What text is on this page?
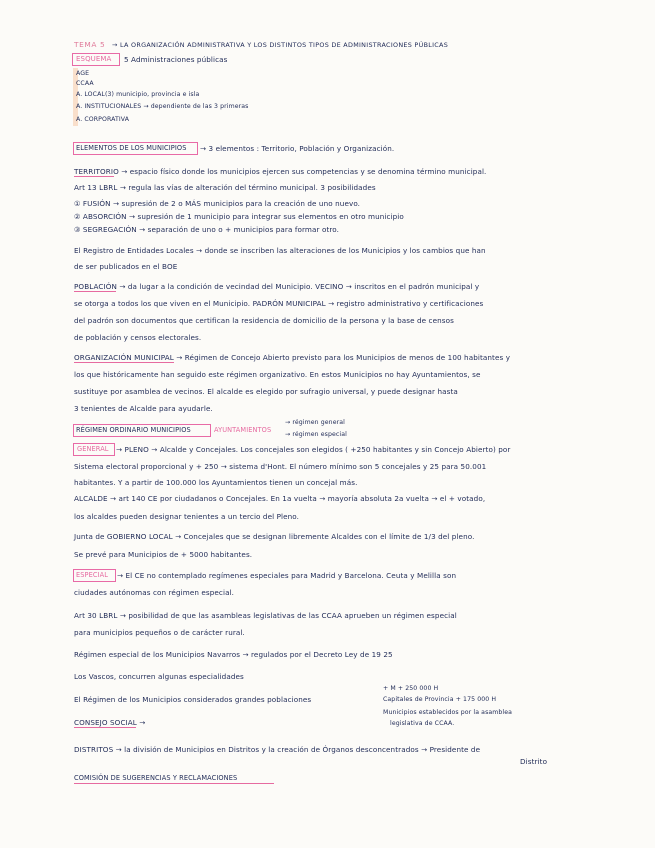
TEMA 5 → LA ORGANIZACIÓN ADMINISTRATIVA Y LOS DISTINTOS TIPOS DE ADMINISTRACIONES PÚBLICAS
ESQUEMA 5 Administraciones públicas
AGE
CCAA
A. LOCAL(3) municipio, provincia e isla
A. INSTITUCIONALES → dependiente de las 3 primeras
A. CORPORATIVA
ELEMENTOS DE LOS MUNICIPIOS → 3 elementos : Territorio, Población y Organización.
TERRITORIO → espacio físico donde los municipios ejercen sus competencias y se denomina término municipal.
Art 13 LBRL → regula las vías de alteración del término municipal. 3 posibilidades
① FUSIÓN → supresión de 2 o MÁS municipios para la creación de uno nuevo.
② ABSORCIÓN → supresión de 1 municipio para integrar sus elementos en otro municipio
③ SEGREGACIÓN → separación de uno o + municipios para formar otro.
El Registro de Entidades Locales → donde se inscriben las alteraciones de los Municipios y los cambios que han
de ser publicados en el BOE
POBLACIÓN → da lugar a la condición de vecindad del Municipio. VECINO → inscritos en el padrón municipal y
se otorga a todos los que viven en el Municipio. PADRÓN MUNICIPAL → registro administrativo y certificaciones
del padrón son documentos que certifican la residencia de domicilio de la persona y la base de censos
de población y censos electorales.
ORGANIZACIÓN MUNICIPAL → Régimen de Concejo Abierto previsto para los Municipios de menos de 100 habitantes y
los que históricamente han seguido este régimen organizativo. En estos Municipios no hay Ayuntamientos, se
sustituye por asamblea de vecinos. El alcalde es elegido por sufragio universal, y puede designar hasta
3 tenientes de Alcalde para ayudarle.
RÉGIMEN ORDINARIO MUNICIPIOS	AYUNTAMIENTOS
→ régimen general
→ régimen especial
GENERAL → PLENO → Alcalde y Concejales. Los concejales son elegidos ( +250 habitantes y sin Concejo Abierto) por
Sistema electoral proporcional y + 250 → sistema d'Hont. El número mínimo son 5 concejales y 25 para 50.001
habitantes. Y a partir de 100.000 los Ayuntamientos tienen un concejal más.
ALCALDE → art 140 CE por ciudadanos o Concejales. En 1a vuelta → mayoría absoluta 2a vuelta → el + votado,
los alcaldes pueden designar tenientes a un tercio del Pleno.
Junta de GOBIERNO LOCAL → Concejales que se designan libremente Alcaldes con el límite de 1/3 del pleno.
Se prevé para Municipios de + 5000 habitantes.
ESPECIAL → El CE no contemplado regímenes especiales para Madrid y Barcelona. Ceuta y Melilla son
ciudades autónomas con régimen especial.
Art 30 LBRL → posibilidad de que las asambleas legislativas de las CCAA aprueben un régimen especial
para municipios pequeños o de carácter rural.
Régimen especial de los Municipios Navarros → regulados por el Decreto Ley de 19 25
Los Vascos, concurren algunas especialidades
El Régimen de los Municipios considerados grandes poblaciones
+ M + 250 000 H
Capitales de Provincia + 175 000 H
Municipios establecidos por la asamblea
legislativa de CCAA.
CONSEJO SOCIAL →
DISTRITOS → la división de Municipios en Distritos y la creación de Órganos desconcentrados → Presidente de
Distrito
COMISIÓN DE SUGERENCIAS Y RECLAMACIONES
